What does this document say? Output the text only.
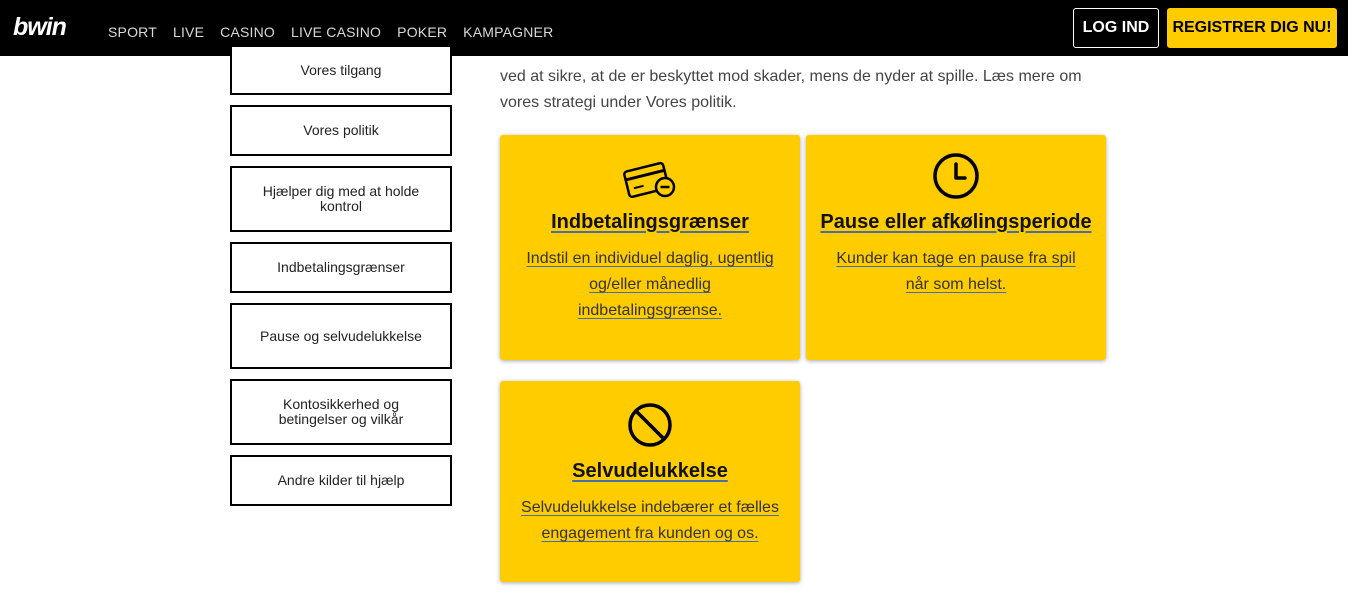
bwin	SPORT LIVE CASINO LIVE CASINO POKER KAMPAGNER	LOG IND	REGISTRER DIG NU!
Vores tilgang
Vores politik
Hjælper dig med at holde kontrol
Indbetalingsgrænser
Pause og selvudelukkelse
Kontosikkerhed og betingelser og vilkår
Andre kilder til hjælp

ved at sikre, at de er beskyttet mod skader, mens de nyder at spille. Læs mere om vores strategi under Vores politik.

Indbetalingsgrænser
Indstil en individuel daglig, ugentlig og/eller månedlig indbetalingsgrænse.
Pause eller afkølingsperiode
Kunder kan tage en pause fra spil når som helst.
Selvudelukkelse
Selvudelukkelse indebærer et fælles engagement fra kunden og os.
